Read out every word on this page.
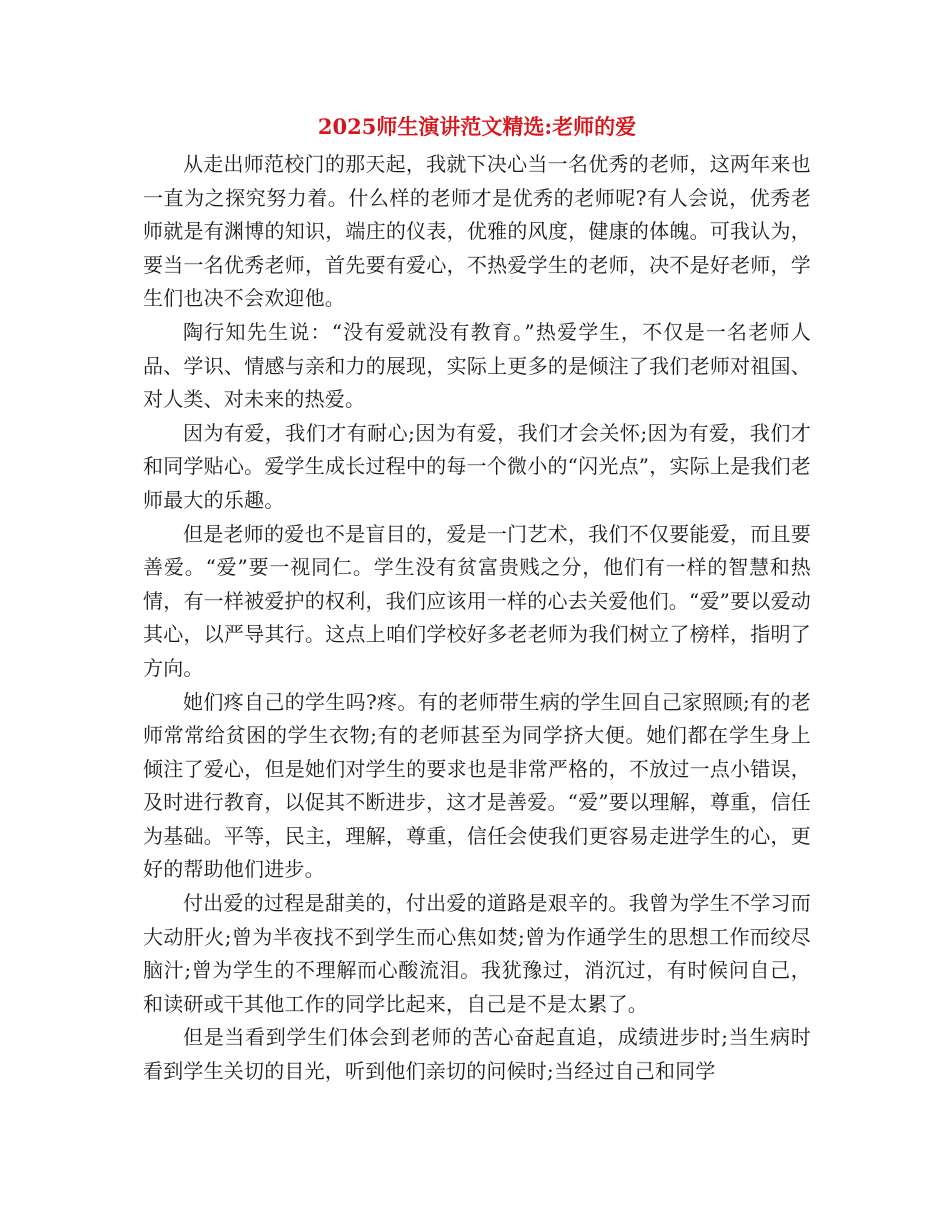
2025师生演讲范文精选:老师的爱

从走出师范校门的那天起，我就下决心当一名优秀的老师，这两年来也一直为之探究努力着。什么样的老师才是优秀的老师呢?有人会说，优秀老师就是有渊博的知识，端庄的仪表，优雅的风度，健康的体魄。可我认为，要当一名优秀老师，首先要有爱心，不热爱学生的老师，决不是好老师，学生们也决不会欢迎他。

陶行知先生说：“没有爱就没有教育。”热爱学生，不仅是一名老师人品、学识、情感与亲和力的展现，实际上更多的是倾注了我们老师对祖国、对人类、对未来的热爱。

因为有爱，我们才有耐心;因为有爱，我们才会关怀;因为有爱，我们才和同学贴心。爱学生成长过程中的每一个微小的“闪光点”，实际上是我们老师最大的乐趣。

但是老师的爱也不是盲目的，爱是一门艺术，我们不仅要能爱，而且要善爱。“爱”要一视同仁。学生没有贫富贵贱之分，他们有一样的智慧和热情，有一样被爱护的权利，我们应该用一样的心去关爱他们。“爱”要以爱动其心，以严导其行。这点上咱们学校好多老老师为我们树立了榜样，指明了方向。

她们疼自己的学生吗?疼。有的老师带生病的学生回自己家照顾;有的老师常常给贫困的学生衣物;有的老师甚至为同学挤大便。她们都在学生身上倾注了爱心，但是她们对学生的要求也是非常严格的，不放过一点小错误，及时进行教育，以促其不断进步，这才是善爱。“爱”要以理解，尊重，信任为基础。平等，民主，理解，尊重，信任会使我们更容易走进学生的心，更好的帮助他们进步。

付出爱的过程是甜美的，付出爱的道路是艰辛的。我曾为学生不学习而大动肝火;曾为半夜找不到学生而心焦如焚;曾为作通学生的思想工作而绞尽脑汁;曾为学生的不理解而心酸流泪。我犹豫过，消沉过，有时候问自己，和读研或干其他工作的同学比起来，自己是不是太累了。

但是当看到学生们体会到老师的苦心奋起直追，成绩进步时;当生病时看到学生关切的目光，听到他们亲切的问候时;当经过自己和同学
